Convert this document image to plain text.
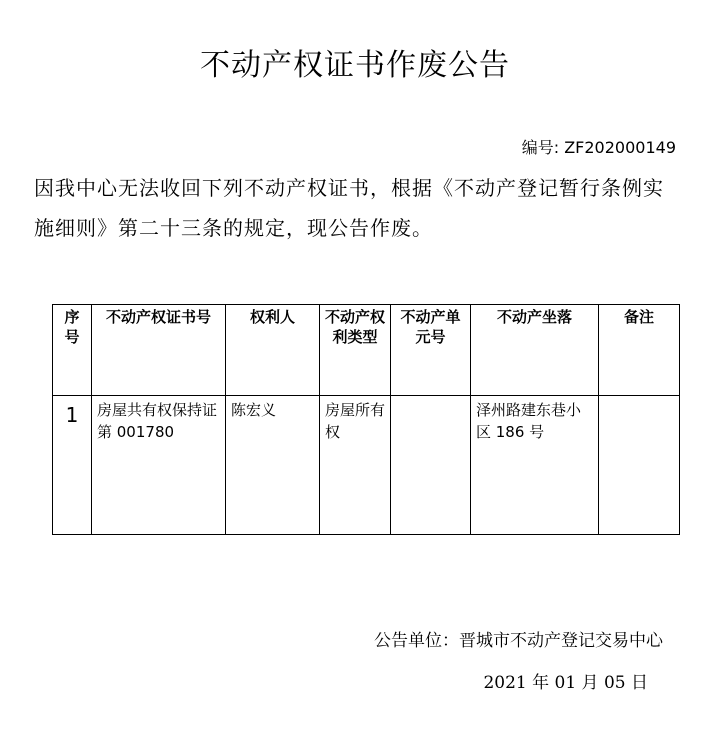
不动产权证书作废公告
编号: ZF202000149
因我中心无法收回下列不动产权证书，根据《不动产登记暂行条例实施细则》第二十三条的规定，现公告作废。
序号	不动产权证书号	权利人	不动产权利类型	不动产单元号	不动产坐落	备注
1	房屋共有权保持证第 001780	陈宏义	房屋所有权		泽州路建东巷小区 186 号	
公告单位：晋城市不动产登记交易中心
2021 年 01 月 05 日
